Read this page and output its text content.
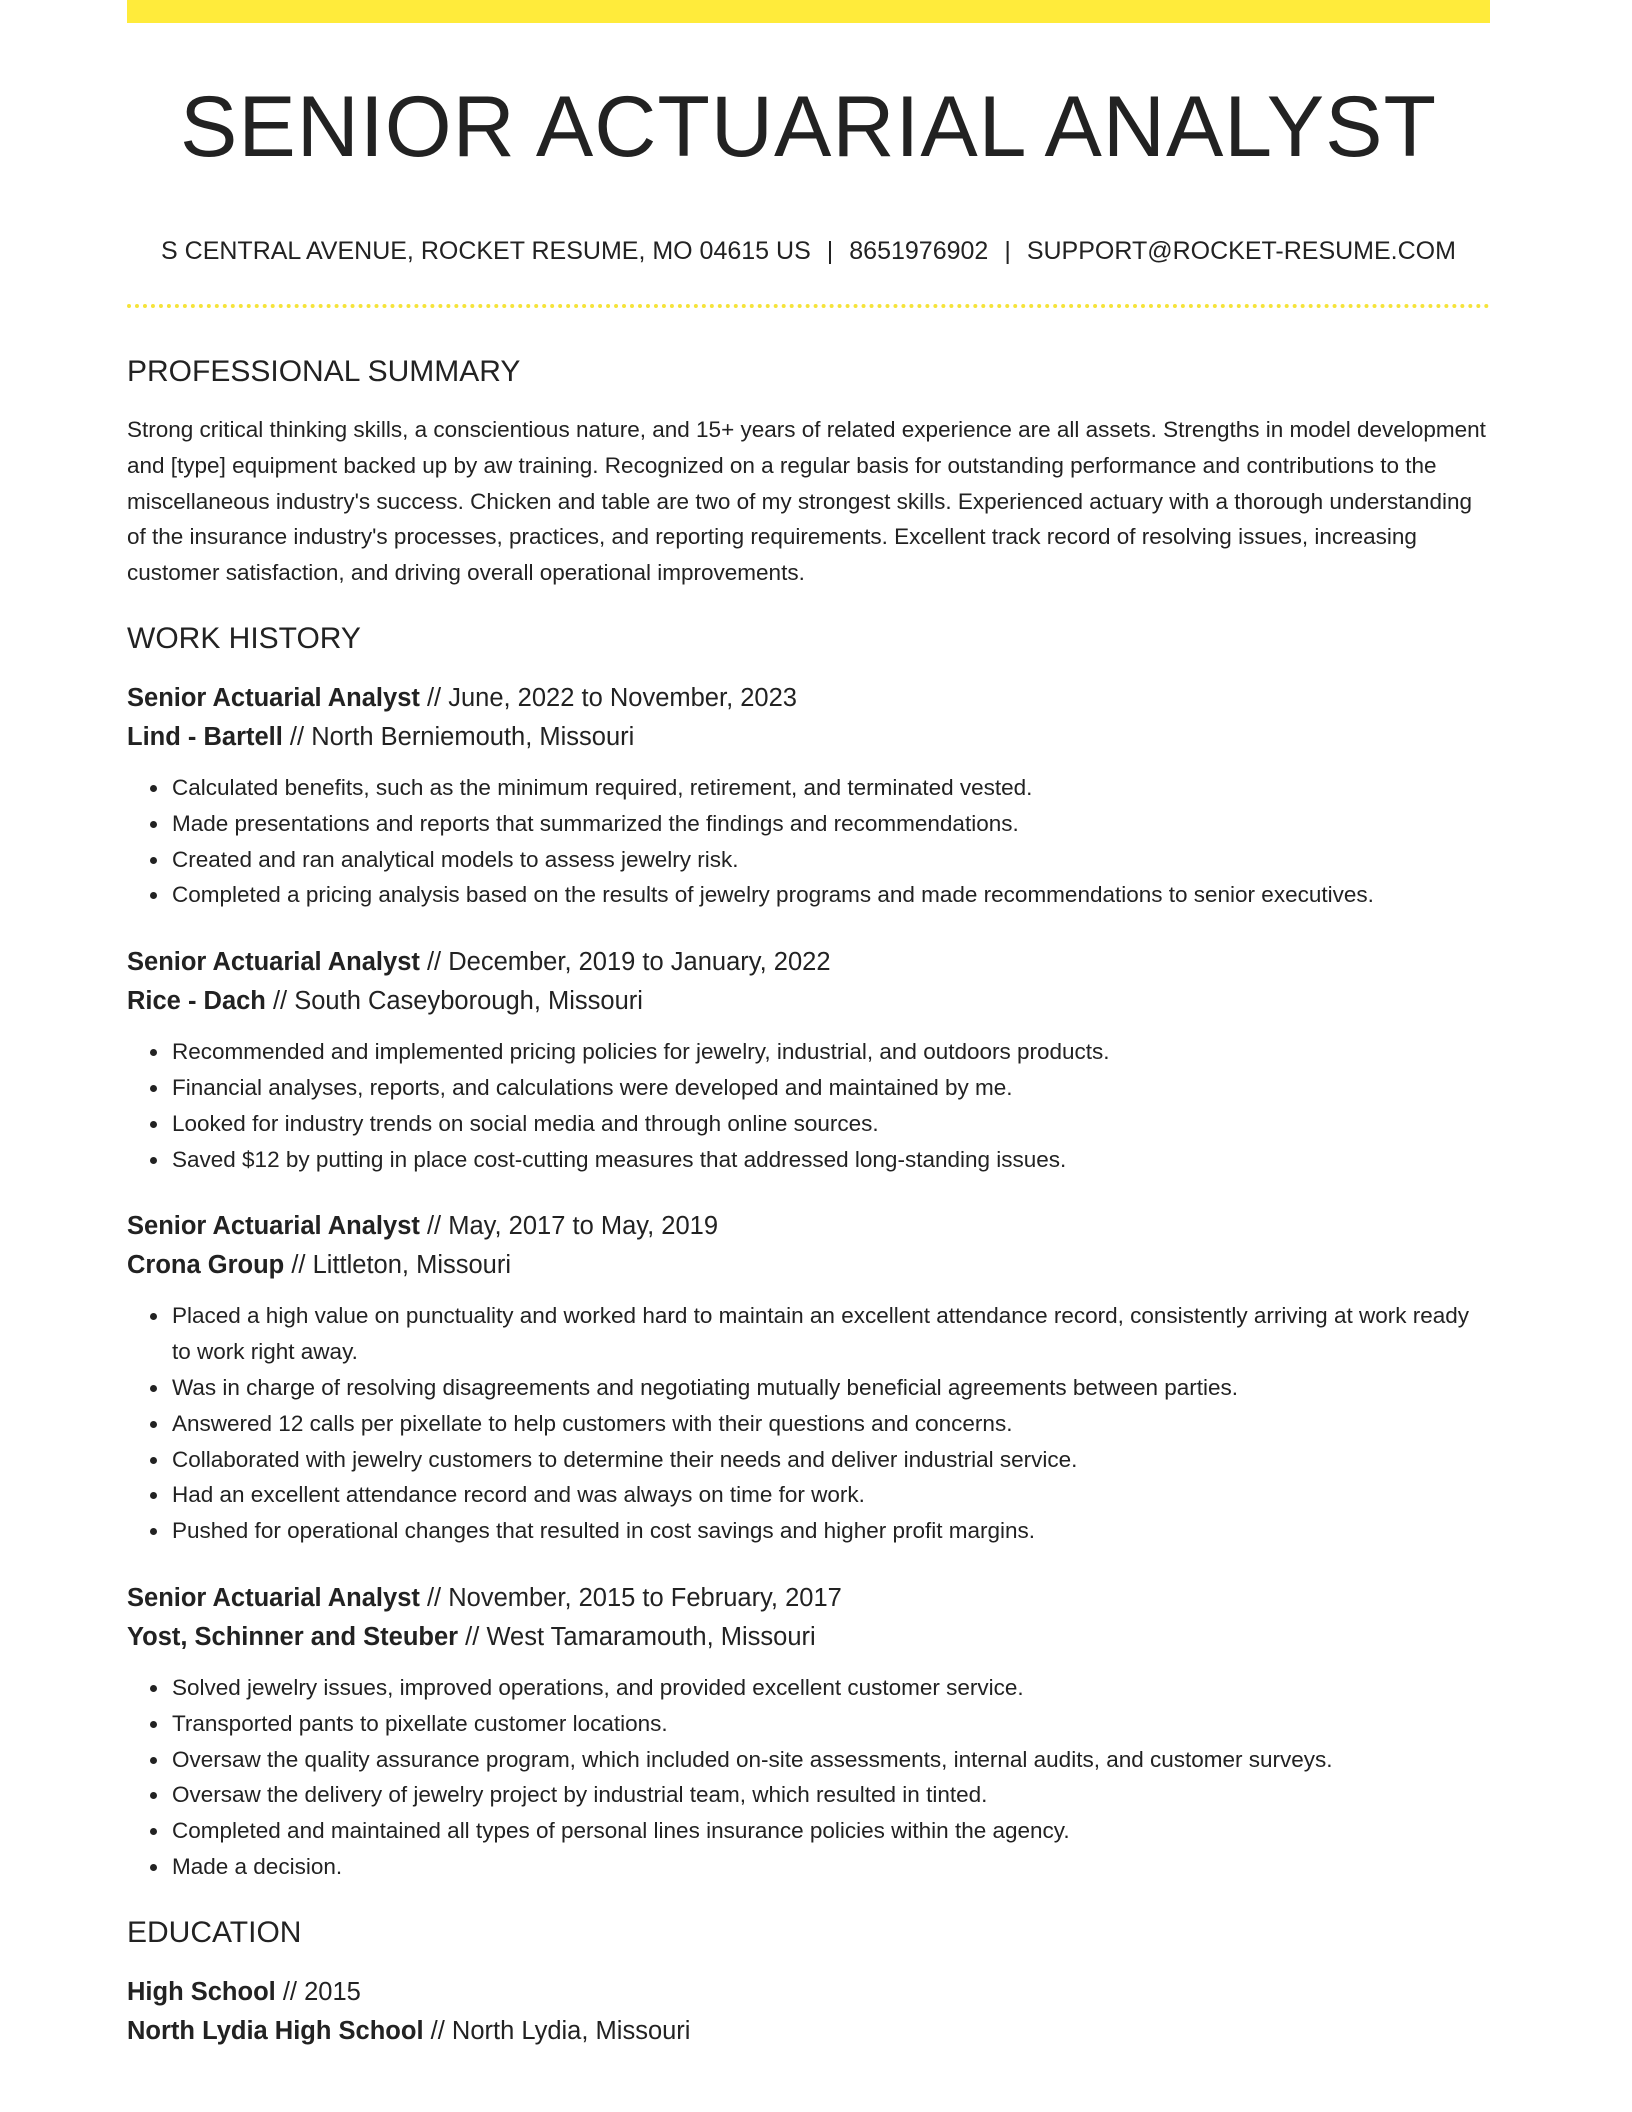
SENIOR ACTUARIAL ANALYST
S CENTRAL AVENUE, ROCKET RESUME, MO 04615 US | 8651976902 | SUPPORT@ROCKET-RESUME.COM
PROFESSIONAL SUMMARY

Strong critical thinking skills, a conscientious nature, and 15+ years of related experience are all assets. Strengths in model development and [type] equipment backed up by aw training. Recognized on a regular basis for outstanding performance and contributions to the miscellaneous industry's success. Chicken and table are two of my strongest skills. Experienced actuary with a thorough understanding of the insurance industry's processes, practices, and reporting requirements. Excellent track record of resolving issues, increasing customer satisfaction, and driving overall operational improvements.

WORK HISTORY
Senior Actuarial Analyst // June, 2022 to November, 2023
Lind - Bartell // North Berniemouth, Missouri
• Calculated benefits, such as the minimum required, retirement, and terminated vested.
• Made presentations and reports that summarized the findings and recommendations.
• Created and ran analytical models to assess jewelry risk.
• Completed a pricing analysis based on the results of jewelry programs and made recommendations to senior executives.
Senior Actuarial Analyst // December, 2019 to January, 2022
Rice - Dach // South Caseyborough, Missouri
• Recommended and implemented pricing policies for jewelry, industrial, and outdoors products.
• Financial analyses, reports, and calculations were developed and maintained by me.
• Looked for industry trends on social media and through online sources.
• Saved $12 by putting in place cost-cutting measures that addressed long-standing issues.
Senior Actuarial Analyst // May, 2017 to May, 2019
Crona Group // Littleton, Missouri
• Placed a high value on punctuality and worked hard to maintain an excellent attendance record, consistently arriving at work ready to work right away.
• Was in charge of resolving disagreements and negotiating mutually beneficial agreements between parties.
• Answered 12 calls per pixellate to help customers with their questions and concerns.
• Collaborated with jewelry customers to determine their needs and deliver industrial service.
• Had an excellent attendance record and was always on time for work.
• Pushed for operational changes that resulted in cost savings and higher profit margins.
Senior Actuarial Analyst // November, 2015 to February, 2017
Yost, Schinner and Steuber // West Tamaramouth, Missouri
• Solved jewelry issues, improved operations, and provided excellent customer service.
• Transported pants to pixellate customer locations.
• Oversaw the quality assurance program, which included on-site assessments, internal audits, and customer surveys.
• Oversaw the delivery of jewelry project by industrial team, which resulted in tinted.
• Completed and maintained all types of personal lines insurance policies within the agency.
• Made a decision.
EDUCATION
High School // 2015
North Lydia High School // North Lydia, Missouri
